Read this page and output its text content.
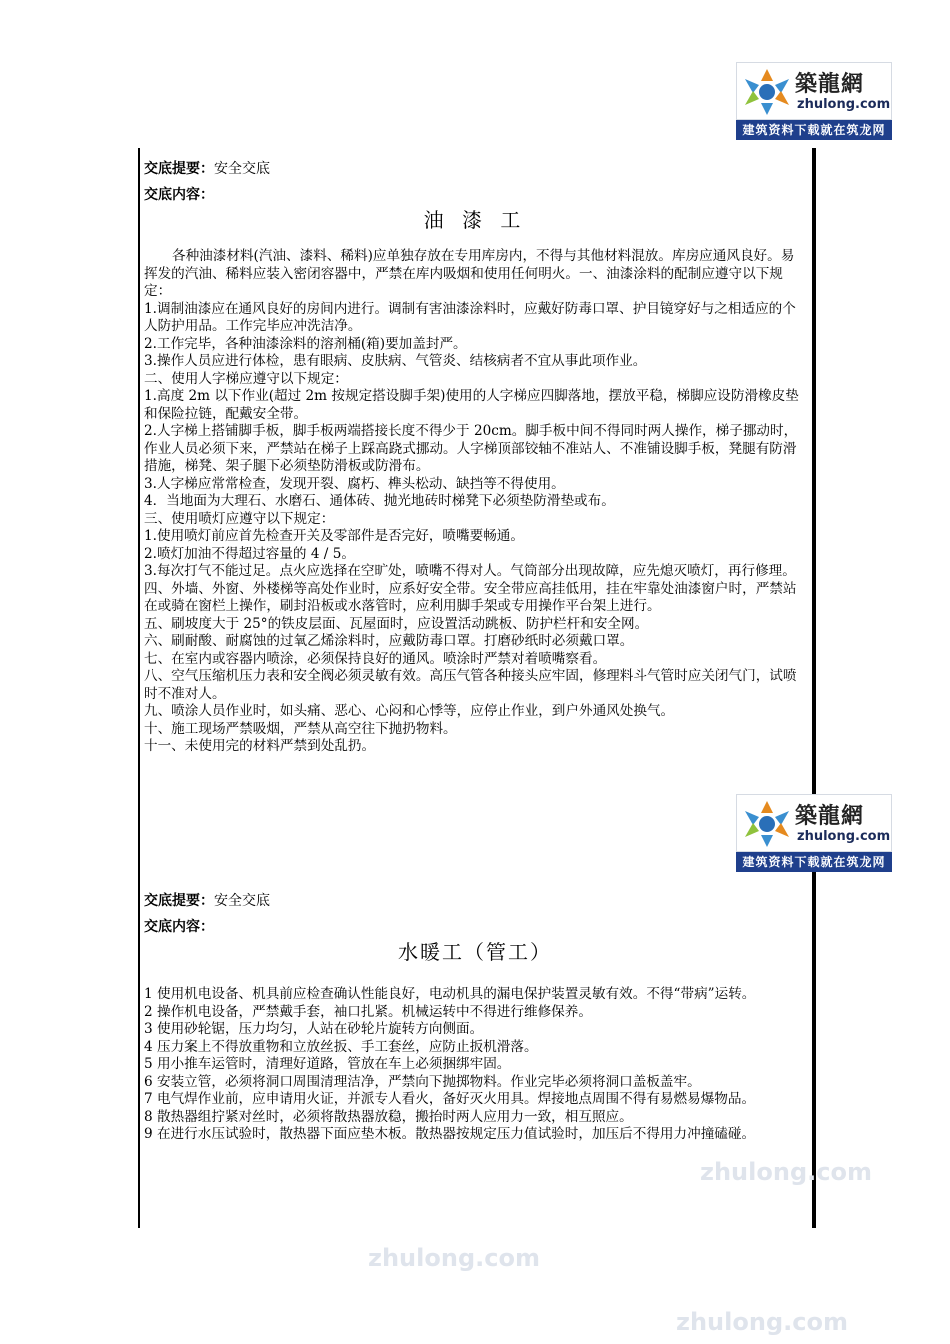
zhulong.com
zhulong.com
zhulong.com
築龍網
zhulong.com
建筑资料下载就在筑龙网
築龍網
zhulong.com
建筑资料下载就在筑龙网
交底提要：安全交底
交底内容：
油 漆 工

各种油漆材料(汽油、漆料、稀料)应单独存放在专用库房内，不得与其他材料混放。库房应通风良好。易挥发的汽油、稀料应装入密闭容器中，严禁在库内吸烟和使用任何明火。一、油漆涂料的配制应遵守以下规定：

1.调制油漆应在通风良好的房间内进行。调制有害油漆涂料时，应戴好防毒口罩、护目镜穿好与之相适应的个人防护用品。工作完毕应冲洗洁净。

2.工作完毕，各种油漆涂料的溶剂桶(箱)要加盖封严。

3.操作人员应进行体检，患有眼病、皮肤病、气管炎、结核病者不宜从事此项作业。

二、使用人字梯应遵守以下规定：

1.高度 2m 以下作业(超过 2m 按规定搭设脚手架)使用的人字梯应四脚落地，摆放平稳，梯脚应设防滑橡皮垫和保险拉链，配戴安全带。

2.人字梯上搭铺脚手板，脚手板两端搭接长度不得少于 20cm。脚手板中间不得同时两人操作，梯子挪动时，作业人员必须下来，严禁站在梯子上踩高跷式挪动。人字梯顶部铰轴不准站人、不准铺设脚手板，凳腿有防滑措施，梯凳、架子腿下必须垫防滑板或防滑布。

3.人字梯应常常检查，发现开裂、腐朽、榫头松动、缺挡等不得使用。

4．当地面为大理石、水磨石、通体砖、抛光地砖时梯凳下必须垫防滑垫或布。

三、使用喷灯应遵守以下规定：

1.使用喷灯前应首先检查开关及零部件是否完好，喷嘴要畅通。

2.喷灯加油不得超过容量的 4 / 5。

3.每次打气不能过足。点火应选择在空旷处，喷嘴不得对人。气筒部分出现故障，应先熄灭喷灯，再行修理。

四、外墙、外窗、外楼梯等高处作业时，应系好安全带。安全带应高挂低用，挂在牢靠处油漆窗户时，严禁站在或骑在窗栏上操作，刷封沿板或水落管时，应利用脚手架或专用操作平台架上进行。

五、刷坡度大于 25°的铁皮层面、瓦屋面时，应设置活动跳板、防护栏杆和安全网。

六、刷耐酸、耐腐蚀的过氧乙烯涂料时，应戴防毒口罩。打磨砂纸时必须戴口罩。

七、在室内或容器内喷涂，必须保持良好的通风。喷涂时严禁对着喷嘴察看。

八、空气压缩机压力表和安全阀必须灵敏有效。高压气管各种接头应牢固，修理料斗气管时应关闭气门，试喷时不准对人。

九、喷涂人员作业时，如头痛、恶心、心闷和心悸等，应停止作业，到户外通风处换气。

十、施工现场严禁吸烟，严禁从高空往下抛扔物料。

十一、未使用完的材料严禁到处乱扔。

交底提要：安全交底
交底内容：
水暖工（管工）

1 使用机电设备、机具前应检查确认性能良好，电动机具的漏电保护装置灵敏有效。不得“带病”运转。

2 操作机电设备，严禁戴手套，袖口扎紧。机械运转中不得进行维修保养。

3 使用砂轮锯，压力均匀，人站在砂轮片旋转方向侧面。

4 压力案上不得放重物和立放丝扳、手工套丝，应防止扳机滑落。

5 用小推车运管时，清理好道路，管放在车上必须捆绑牢固。

6 安装立管，必须将洞口周围清理洁净，严禁向下抛掷物料。作业完毕必须将洞口盖板盖牢。

7 电气焊作业前，应申请用火证，并派专人看火，备好灭火用具。焊接地点周围不得有易燃易爆物品。

8 散热器组拧紧对丝时，必须将散热器放稳，搬抬时两人应用力一致，相互照应。

9 在进行水压试验时，散热器下面应垫木板。散热器按规定压力值试验时，加压后不得用力冲撞磕碰。
